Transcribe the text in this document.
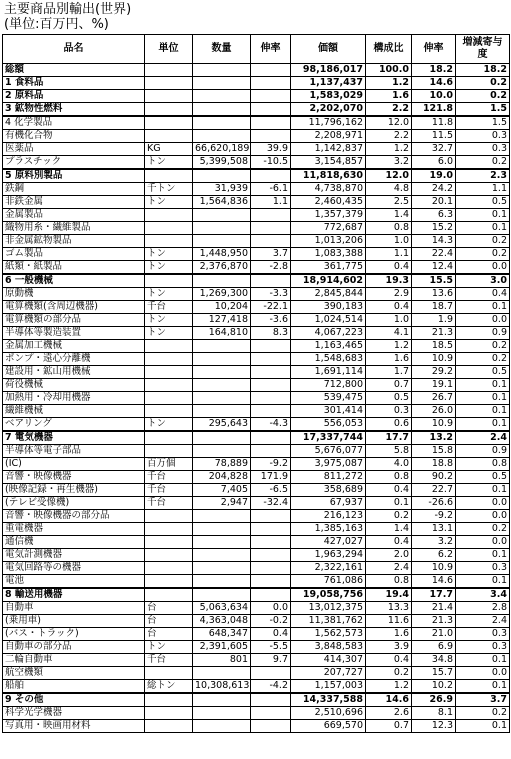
主要商品別輸出(世界)
(単位:百万円、%)
品名	単位	数量	伸率	価額	構成比	伸率	増減寄与度
総額				98,186,017	100.0	18.2	18.2
1 食料品				1,137,437	1.2	14.6	0.2
2 原料品				1,583,029	1.6	10.0	0.2
3 鉱物性燃料				2,202,070	2.2	121.8	1.5
4 化学製品				11,796,162	12.0	11.8	1.5
有機化合物				2,208,971	2.2	11.5	0.3
医薬品	KG	66,620,189	39.9	1,142,837	1.2	32.7	0.3
プラスチック	トン	5,399,508	-10.5	3,154,857	3.2	6.0	0.2
5 原料別製品				11,818,630	12.0	19.0	2.3
鉄鋼	千トン	31,939	-6.1	4,738,870	4.8	24.2	1.1
非鉄金属	トン	1,564,836	1.1	2,460,435	2.5	20.1	0.5
金属製品				1,357,379	1.4	6.3	0.1
織物用糸・繊維製品				772,687	0.8	15.2	0.1
非金属鉱物製品				1,013,206	1.0	14.3	0.2
ゴム製品	トン	1,448,950	3.7	1,083,388	1.1	22.4	0.2
紙類・紙製品	トン	2,376,870	-2.8	361,775	0.4	12.4	0.0
6 一般機械				18,914,602	19.3	15.5	3.0
原動機	トン	1,269,300	-3.3	2,845,844	2.9	13.6	0.4
電算機類(含周辺機器)	千台	10,204	-22.1	390,183	0.4	18.7	0.1
電算機類の部分品	トン	127,418	-3.6	1,024,514	1.0	1.9	0.0
半導体等製造装置	トン	164,810	8.3	4,067,223	4.1	21.3	0.9
金属加工機械				1,163,465	1.2	18.5	0.2
ポンプ・遠心分離機				1,548,683	1.6	10.9	0.2
建設用・鉱山用機械				1,691,114	1.7	29.2	0.5
荷役機械				712,800	0.7	19.1	0.1
加熱用・冷却用機器				539,475	0.5	26.7	0.1
繊維機械				301,414	0.3	26.0	0.1
ベアリング	トン	295,643	-4.3	556,053	0.6	10.9	0.1
7 電気機器				17,337,744	17.7	13.2	2.4
半導体等電子部品				5,676,077	5.8	15.8	0.9
(IC)	百万個	78,889	-9.2	3,975,087	4.0	18.8	0.8
音響・映像機器	千台	204,828	171.9	811,272	0.8	90.2	0.5
(映像記録・再生機器)	千台	7,405	-6.5	358,689	0.4	22.7	0.1
(テレビ受像機)	千台	2,947	-32.4	67,937	0.1	-26.6	0.0
音響・映像機器の部分品				216,123	0.2	-9.2	0.0
重電機器				1,385,163	1.4	13.1	0.2
通信機				427,027	0.4	3.2	0.0
電気計測機器				1,963,294	2.0	6.2	0.1
電気回路等の機器				2,322,161	2.4	10.9	0.3
電池				761,086	0.8	14.6	0.1
8 輸送用機器				19,058,756	19.4	17.7	3.4
自動車	台	5,063,634	0.0	13,012,375	13.3	21.4	2.8
(乗用車)	台	4,363,048	-0.2	11,381,762	11.6	21.3	2.4
(バス・トラック)	台	648,347	0.4	1,562,573	1.6	21.0	0.3
自動車の部分品	トン	2,391,605	-5.5	3,848,583	3.9	6.9	0.3
二輪自動車	千台	801	9.7	414,307	0.4	34.8	0.1
航空機類				207,727	0.2	15.7	0.0
船舶	総トン	10,308,613	-4.2	1,157,003	1.2	10.2	0.1
9 その他				14,337,588	14.6	26.9	3.7
科学光学機器				2,510,696	2.6	8.1	0.2
写真用・映画用材料				669,570	0.7	12.3	0.1
